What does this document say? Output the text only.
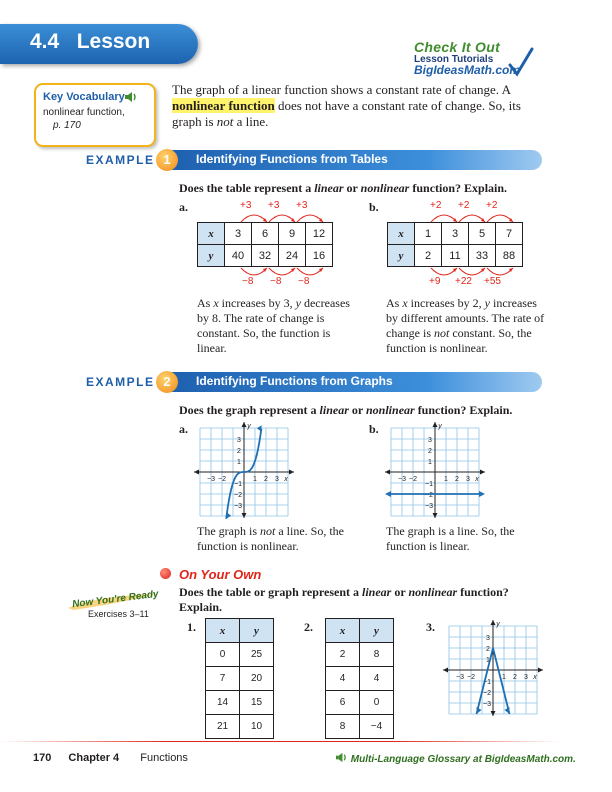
4.4   Lesson	Check It Out
Lesson Tutorials
BigIdeasMath.com
Key Vocabulary
nonlinear function,
p. 170
The graph of a linear function shows a constant rate of change. A nonlinear function does not have a constant rate of change. So, its graph is not a line.
EXAMPLE	Identifying Functions from Tables
1
Does the table represent a linear or nonlinear function? Explain.
a.	+3 +3 +3
x	3	6	9	12
y	40	32	24	16
−8 −8 −8
As x increases by 3, y decreases by 8. The rate of change is constant. So, the function is linear.
b.	+2 +2 +2
x	1	3	5	7
y	2	11	33	88
+9 +22 +55
As x increases by 2, y increases by different amounts. The rate of change is not constant. So, the function is nonlinear.
EXAMPLE	Identifying Functions from Graphs
2
Does the graph represent a linear or nonlinear function? Explain.
a.	b.
−3 −2	1 2 3
3
2
1
−1
−2
−3
x
y
−3 −2	1 2 3
3
2
1
−1
−2
−3
x
y
The graph is not a line. So, the function is nonlinear.
The graph is a line. So, the function is linear.
On Your Own
Now You're Ready
Exercises 3–11
Does the table or graph represent a linear or nonlinear function? Explain.
1. x	y
0	25
7	20
14	15
21	10
2. x	y
2	8
4	4
6	0
8	−4
3.
−3 −2	1 2 3
3
2
1
−1
−2
−3
x
y
170 Chapter 4 Functions	Multi-Language Glossary at BigIdeasMath.com.
